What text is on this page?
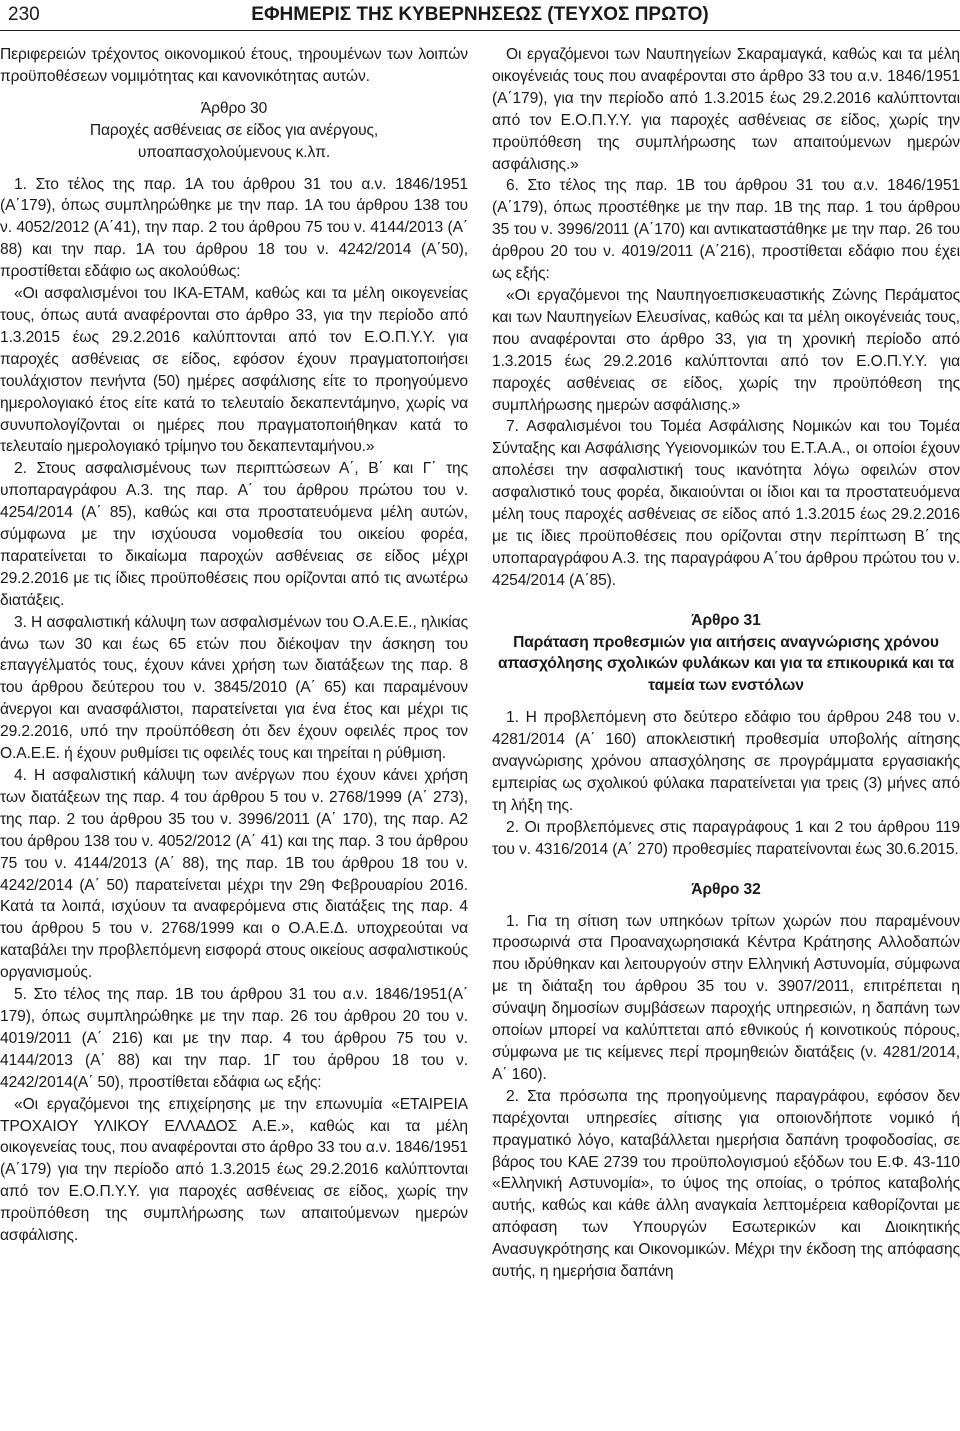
230	ΕΦΗΜΕΡΙΣ ΤΗΣ ΚΥΒΕΡΝΗΣΕΩΣ (ΤΕΥΧΟΣ ΠΡΩΤΟ)

Περιφερειών τρέχοντος οικονομικού έτους, τηρουμένων των λοιπών προϋποθέσεων νομιμότητας και κανονικότητας αυτών.

Άρθρο 30
Παροχές ασθένειας σε είδος για ανέργους, υποαπασχολούμενους κ.λπ.

1. Στο τέλος της παρ. 1Α του άρθρου 31 του α.ν. 1846/1951 (Α΄179), όπως συμπληρώθηκε με την παρ. 1Α του άρθρου 138 του ν. 4052/2012 (Α΄41), την παρ. 2 του άρθρου 75 του ν. 4144/2013 (Α΄ 88) και την παρ. 1Α του άρθρου 18 του ν. 4242/2014 (Α΄50), προστίθεται εδάφιο ως ακολούθως:

«Οι ασφαλισμένοι του ΙΚΑ-ΕΤΑΜ, καθώς και τα μέλη οικογενείας τους, όπως αυτά αναφέρονται στο άρθρο 33, για την περίοδο από 1.3.2015 έως 29.2.2016 καλύπτονται από τον Ε.Ο.Π.Υ.Υ. για παροχές ασθένειας σε είδος, εφόσον έχουν πραγματοποιήσει τουλάχιστον πενήντα (50) ημέρες ασφάλισης είτε το προηγούμενο ημερολογιακό έτος είτε κατά το τελευταίο δεκαπεντάμηνο, χωρίς να συνυπολογίζονται οι ημέρες που πραγματοποιήθηκαν κατά το τελευταίο ημερολογιακό τρίμηνο του δεκαπενταμήνου.»

2. Στους ασφαλισμένους των περιπτώσεων Α΄, Β΄ και Γ΄ της υποπαραγράφου Α.3. της παρ. Α΄ του άρθρου πρώτου του ν. 4254/2014 (Α΄ 85), καθώς και στα προστατευόμενα μέλη αυτών, σύμφωνα με την ισχύουσα νομοθεσία του οικείου φορέα, παρατείνεται το δικαίωμα παροχών ασθένειας σε είδος μέχρι 29.2.2016 με τις ίδιες προϋποθέσεις που ορίζονται από τις ανωτέρω διατάξεις.

3. Η ασφαλιστική κάλυψη των ασφαλισμένων του Ο.Α.Ε.Ε., ηλικίας άνω των 30 και έως 65 ετών που διέκοψαν την άσκηση του επαγγέλματός τους, έχουν κάνει χρήση των διατάξεων της παρ. 8 του άρθρου δεύτερου του ν. 3845/2010 (Α΄ 65) και παραμένουν άνεργοι και ανασφάλιστοι, παρατείνεται για ένα έτος και μέχρι τις 29.2.2016, υπό την προϋπόθεση ότι δεν έχουν οφειλές προς τον Ο.Α.Ε.Ε. ή έχουν ρυθμίσει τις οφειλές τους και τηρείται η ρύθμιση.

4. Η ασφαλιστική κάλυψη των ανέργων που έχουν κάνει χρήση των διατάξεων της παρ. 4 του άρθρου 5 του ν. 2768/1999 (Α΄ 273), της παρ. 2 του άρθρου 35 του ν. 3996/2011 (Α΄ 170), της παρ. Α2 του άρθρου 138 του ν. 4052/2012 (Α΄ 41) και της παρ. 3 του άρθρου 75 του ν. 4144/2013 (Α΄ 88), της παρ. 1Β του άρθρου 18 του ν. 4242/2014 (Α΄ 50) παρατείνεται μέχρι την 29η Φεβρουαρίου 2016. Κατά τα λοιπά, ισχύουν τα αναφερόμενα στις διατάξεις της παρ. 4 του άρθρου 5 του ν. 2768/1999 και ο Ο.Α.Ε.Δ. υποχρεούται να καταβάλει την προβλεπόμενη εισφορά στους οικείους ασφαλιστικούς οργανισμούς.

5. Στο τέλος της παρ. 1Β του άρθρου 31 του α.ν. 1846/1951(Α΄ 179), όπως συμπληρώθηκε με την παρ. 26 του άρθρου 20 του ν. 4019/2011 (Α΄ 216) και με την παρ. 4 του άρθρου 75 του ν. 4144/2013 (Α΄ 88) και την παρ. 1Γ του άρθρου 18 του ν. 4242/2014(Α΄ 50), προστίθεται εδάφια ως εξής:

«Οι εργαζόμενοι της επιχείρησης με την επωνυμία «ΕΤΑΙΡΕΙΑ ΤΡΟΧΑΙΟΥ ΥΛΙΚΟΥ ΕΛΛΑΔΟΣ Α.Ε.», καθώς και τα μέλη οικογενείας τους, που αναφέρονται στο άρθρο 33 του α.ν. 1846/1951 (Α΄179) για την περίοδο από 1.3.2015 έως 29.2.2016 καλύπτονται από τον Ε.Ο.Π.Υ.Υ. για παροχές ασθένειας σε είδος, χωρίς την προϋπόθεση της συμπλήρωσης των απαιτούμενων ημερών ασφάλισης.

Οι εργαζόμενοι των Ναυπηγείων Σκαραμαγκά, καθώς και τα μέλη οικογένειάς τους που αναφέρονται στο άρθρο 33 του α.ν. 1846/1951 (Α΄179), για την περίοδο από 1.3.2015 έως 29.2.2016 καλύπτονται από τον Ε.Ο.Π.Υ.Υ. για παροχές ασθένειας σε είδος, χωρίς την προϋπόθεση της συμπλήρωσης των απαιτούμενων ημερών ασφάλισης.»

6. Στο τέλος της παρ. 1Β του άρθρου 31 του α.ν. 1846/1951 (Α΄179), όπως προστέθηκε με την παρ. 1Β της παρ. 1 του άρθρου 35 του ν. 3996/2011 (Α΄170) και αντικαταστάθηκε με την παρ. 26 του άρθρου 20 του ν. 4019/2011 (Α΄216), προστίθεται εδάφιο που έχει ως εξής:

«Οι εργαζόμενοι της Ναυπηγοεπισκευαστικής Ζώνης Περάματος και των Ναυπηγείων Ελευσίνας, καθώς και τα μέλη οικογένειάς τους, που αναφέρονται στο άρθρο 33, για τη χρονική περίοδο από 1.3.2015 έως 29.2.2016 καλύπτονται από τον Ε.Ο.Π.Υ.Υ. για παροχές ασθένειας σε είδος, χωρίς την προϋπόθεση της συμπλήρωσης ημερών ασφάλισης.»

7. Ασφαλισμένοι του Τομέα Ασφάλισης Νομικών και του Τομέα Σύνταξης και Ασφάλισης Υγειονομικών του Ε.Τ.Α.Α., οι οποίοι έχουν απολέσει την ασφαλιστική τους ικανότητα λόγω οφειλών στον ασφαλιστικό τους φορέα, δικαιούνται οι ίδιοι και τα προστατευόμενα μέλη τους παροχές ασθένειας σε είδος από 1.3.2015 έως 29.2.2016 με τις ίδιες προϋποθέσεις που ορίζονται στην περίπτωση Β΄ της υποπαραγράφου Α.3. της παραγράφου Α΄του άρθρου πρώτου του ν. 4254/2014 (Α΄85).

Άρθρο 31
Παράταση προθεσμιών για αιτήσεις αναγνώρισης χρόνου απασχόλησης σχολικών φυλάκων και για τα επικουρικά και τα ταμεία των ενστόλων

1. Η προβλεπόμενη στο δεύτερο εδάφιο του άρθρου 248 του ν. 4281/2014 (Α΄ 160) αποκλειστική προθεσμία υποβολής αίτησης αναγνώρισης χρόνου απασχόλησης σε προγράμματα εργασιακής εμπειρίας ως σχολικού φύλακα παρατείνεται για τρεις (3) μήνες από τη λήξη της.

2. Οι προβλεπόμενες στις παραγράφους 1 και 2 του άρθρου 119 του ν. 4316/2014 (Α΄ 270) προθεσμίες παρατείνονται έως 30.6.2015.

Άρθρο 32

1. Για τη σίτιση των υπηκόων τρίτων χωρών που παραμένουν προσωρινά στα Προαναχωρησιακά Κέντρα Κράτησης Αλλοδαπών που ιδρύθηκαν και λειτουργούν στην Ελληνική Αστυνομία, σύμφωνα με τη διάταξη του άρθρου 35 του ν. 3907/2011, επιτρέπεται η σύναψη δημοσίων συμβάσεων παροχής υπηρεσιών, η δαπάνη των οποίων μπορεί να καλύπτεται από εθνικούς ή κοινοτικούς πόρους, σύμφωνα με τις κείμενες περί προμηθειών διατάξεις (ν. 4281/2014, Α΄ 160).

2. Στα πρόσωπα της προηγούμενης παραγράφου, εφόσον δεν παρέχονται υπηρεσίες σίτισης για οποιονδήποτε νομικό ή πραγματικό λόγο, καταβάλλεται ημερήσια δαπάνη τροφοδοσίας, σε βάρος του ΚΑΕ 2739 του προϋπολογισμού εξόδων του Ε.Φ. 43-110 «Ελληνική Αστυνομία», το ύψος της οποίας, ο τρόπος καταβολής αυτής, καθώς και κάθε άλλη αναγκαία λεπτομέρεια καθορίζονται με απόφαση των Υπουργών Εσωτερικών και Διοικητικής Ανασυγκρότησης και Οικονομικών. Μέχρι την έκδοση της απόφασης αυτής, η ημερήσια δαπάνη
